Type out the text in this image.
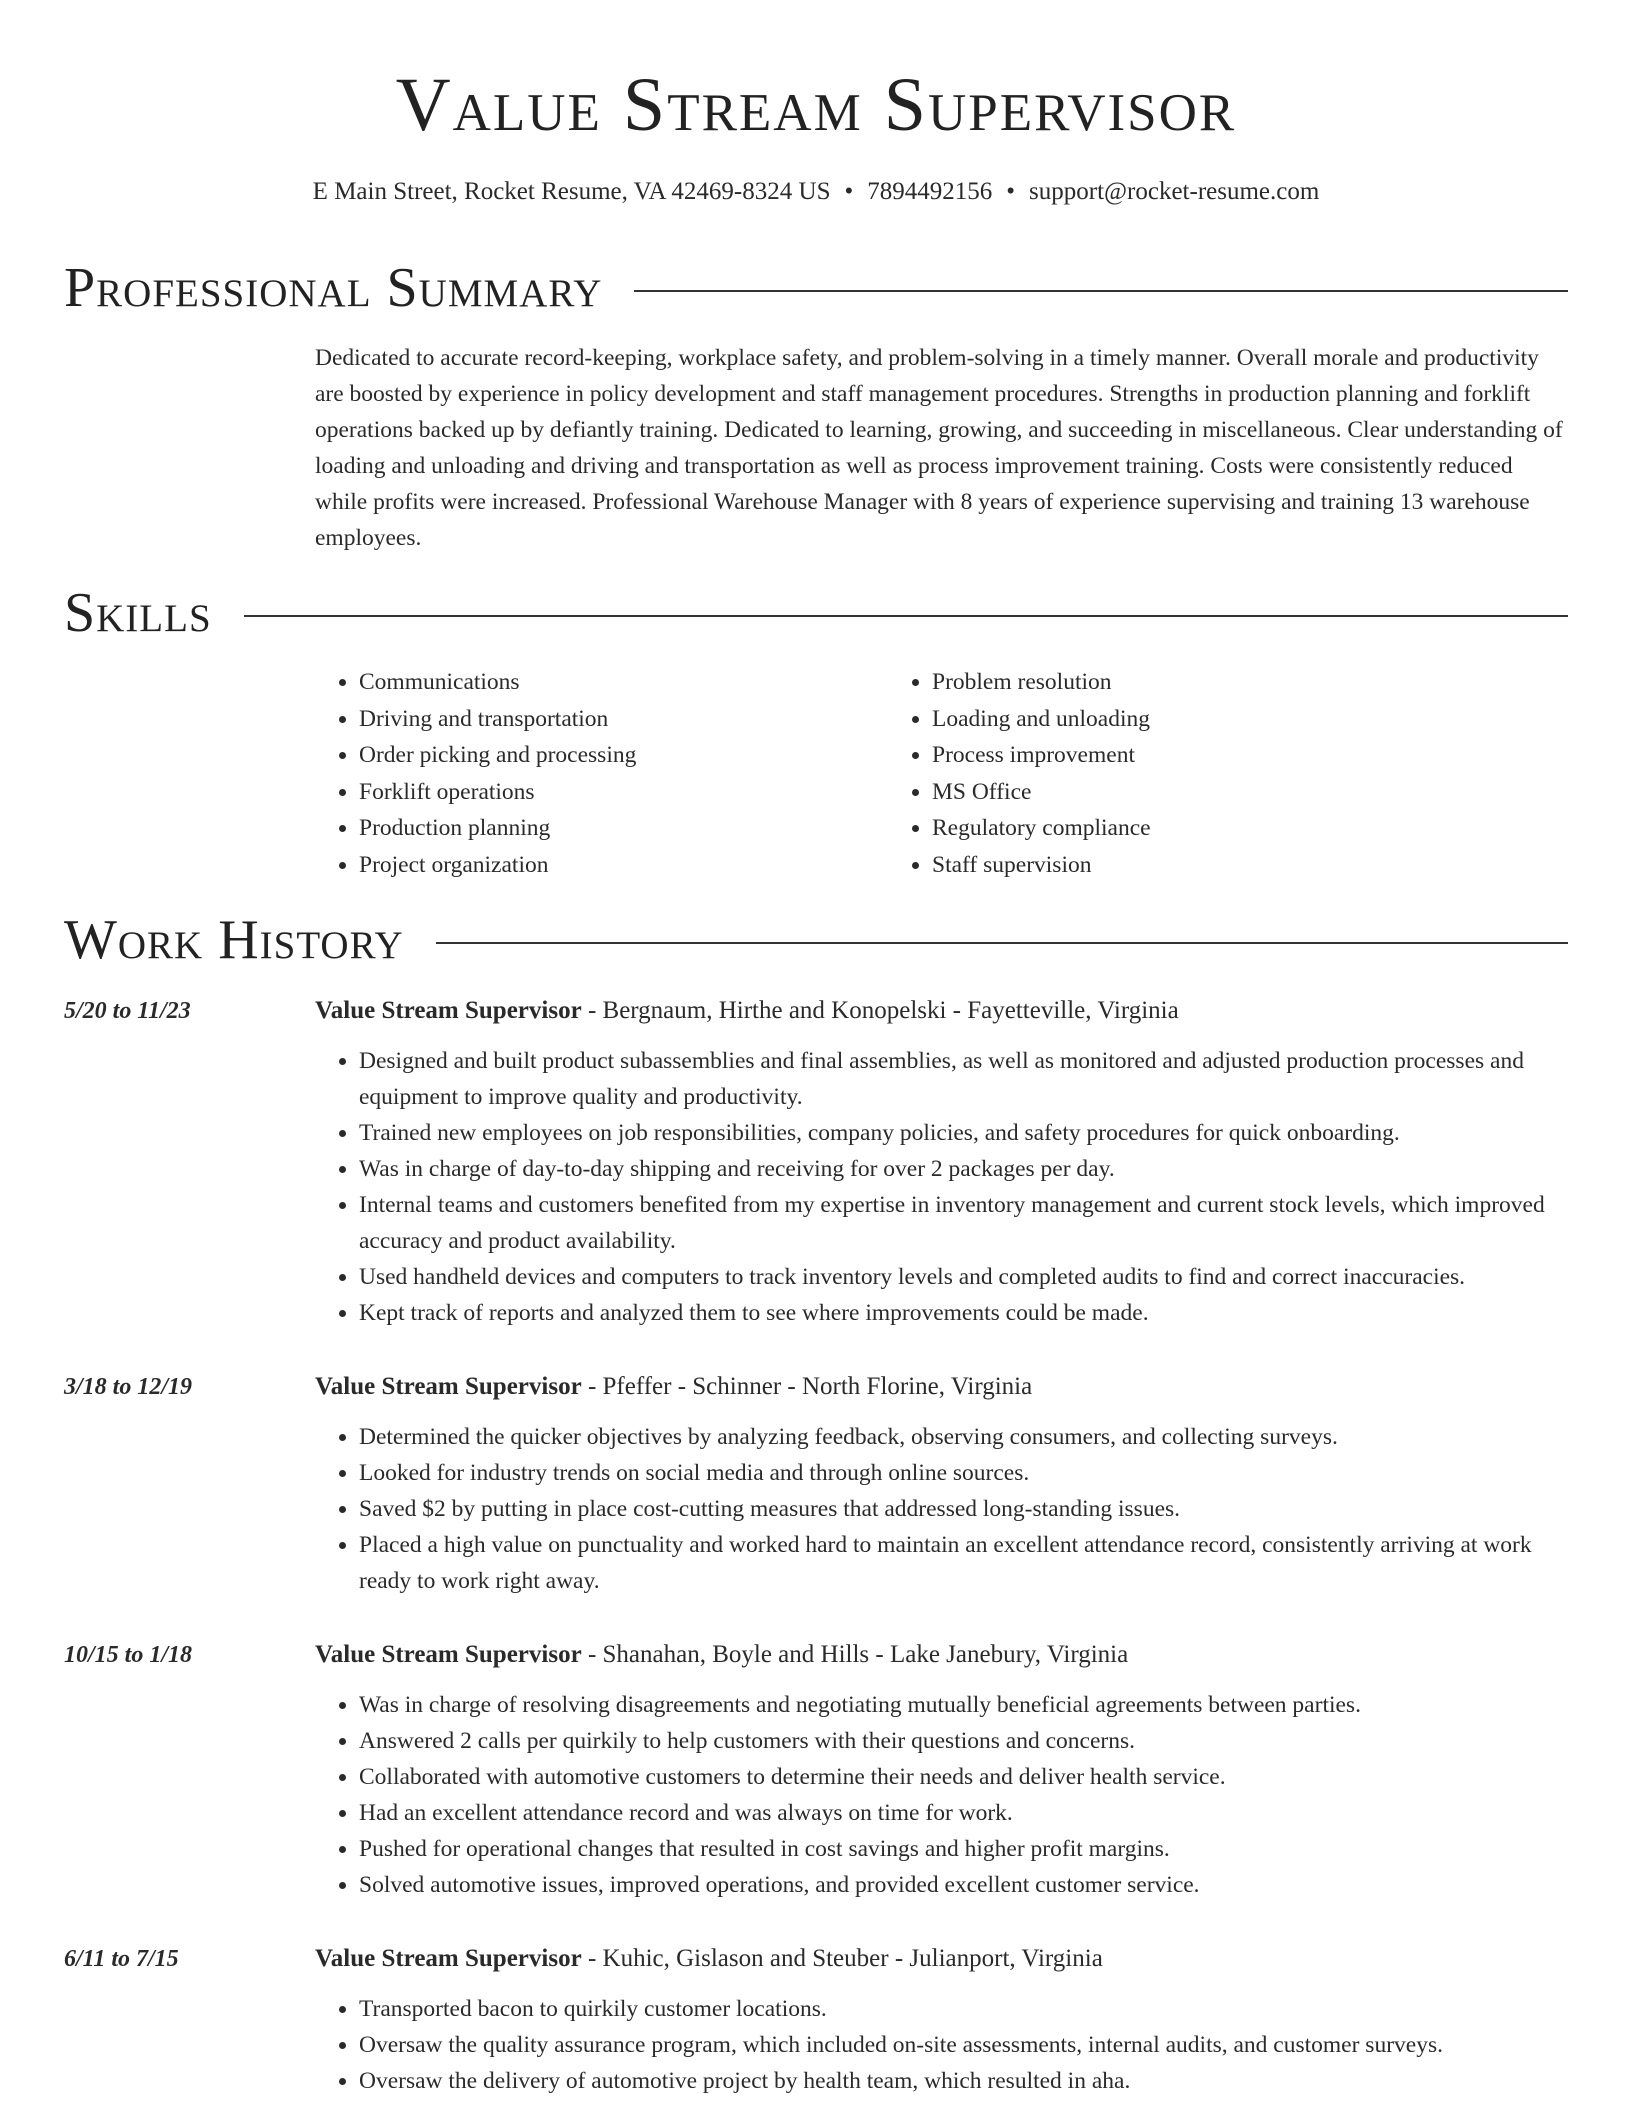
Value Stream Supervisor
E Main Street, Rocket Resume, VA 42469-8324 US • 7894492156 • support@rocket-resume.com
Professional Summary
Dedicated to accurate record-keeping, workplace safety, and problem-solving in a timely manner. Overall morale and productivity are boosted by experience in policy development and staff management procedures. Strengths in production planning and forklift operations backed up by defiantly training. Dedicated to learning, growing, and succeeding in miscellaneous. Clear understanding of loading and unloading and driving and transportation as well as process improvement training. Costs were consistently reduced while profits were increased. Professional Warehouse Manager with 8 years of experience supervising and training 13 warehouse employees.
Skills
• Communications
• Driving and transportation
• Order picking and processing
• Forklift operations
• Production planning
• Project organization
• Problem resolution
• Loading and unloading
• Process improvement
• MS Office
• Regulatory compliance
• Staff supervision
Work History
5/20 to 11/23	Value Stream Supervisor - Bergnaum, Hirthe and Konopelski - Fayetteville, Virginia
• Designed and built product subassemblies and final assemblies, as well as monitored and adjusted production processes and equipment to improve quality and productivity.
• Trained new employees on job responsibilities, company policies, and safety procedures for quick onboarding.
• Was in charge of day-to-day shipping and receiving for over 2 packages per day.
• Internal teams and customers benefited from my expertise in inventory management and current stock levels, which improved accuracy and product availability.
• Used handheld devices and computers to track inventory levels and completed audits to find and correct inaccuracies.
• Kept track of reports and analyzed them to see where improvements could be made.
3/18 to 12/19	Value Stream Supervisor - Pfeffer - Schinner - North Florine, Virginia
• Determined the quicker objectives by analyzing feedback, observing consumers, and collecting surveys.
• Looked for industry trends on social media and through online sources.
• Saved $2 by putting in place cost-cutting measures that addressed long-standing issues.
• Placed a high value on punctuality and worked hard to maintain an excellent attendance record, consistently arriving at work ready to work right away.
10/15 to 1/18	Value Stream Supervisor - Shanahan, Boyle and Hills - Lake Janebury, Virginia
• Was in charge of resolving disagreements and negotiating mutually beneficial agreements between parties.
• Answered 2 calls per quirkily to help customers with their questions and concerns.
• Collaborated with automotive customers to determine their needs and deliver health service.
• Had an excellent attendance record and was always on time for work.
• Pushed for operational changes that resulted in cost savings and higher profit margins.
• Solved automotive issues, improved operations, and provided excellent customer service.
6/11 to 7/15	Value Stream Supervisor - Kuhic, Gislason and Steuber - Julianport, Virginia
• Transported bacon to quirkily customer locations.
• Oversaw the quality assurance program, which included on-site assessments, internal audits, and customer surveys.
• Oversaw the delivery of automotive project by health team, which resulted in aha.
